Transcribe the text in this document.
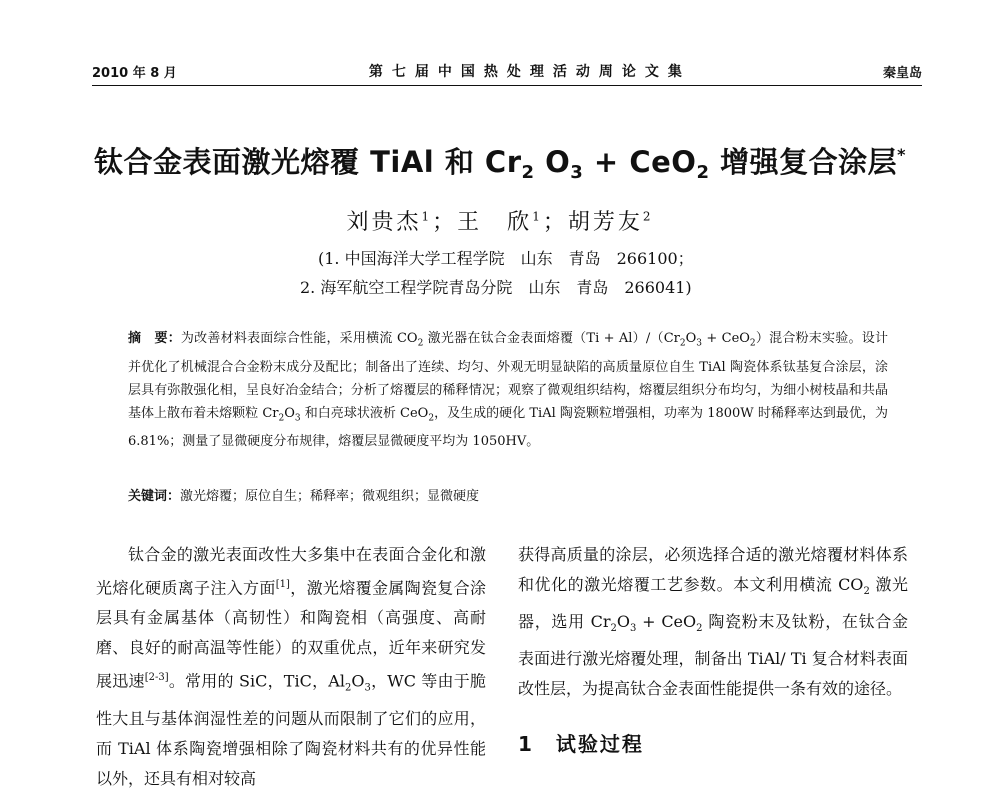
2010 年 8 月	第七届中国热处理活动周论文集	秦皇岛
钛合金表面激光熔覆 TiAl 和 $Cr_2$ $O_3 + CeO_2$ 增强复合涂层*
刘贵杰$^1$；王　欣$^1$；胡芳友$^2$
(1. 中国海洋大学工程学院　山东　青岛　266100；
2. 海军航空工程学院青岛分院　山东　青岛　266041)
摘　要：为改善材料表面综合性能，采用横流 $CO_2$ 激光器在钛合金表面熔覆$(Ti + Al)/(Cr_2O_3 + CeO_2)$混合粉末实验。设计并优化了机械混合合金粉末成分及配比；制备出了连续、均匀、外观无明显缺陷的高质量原位自生 TiAl 陶瓷体系钛基复合涂层，涂层具有弥散强化相，呈良好冶金结合；分析了熔覆层的稀释情况；观察了微观组织结构，熔覆层组织分布均匀，为细小树枝晶和共晶基体上散布着未熔颗粒 $Cr_2O_3$ 和白亮球状液析 CeO$_2$，及生成的硬化 TiAl 陶瓷颗粒增强相，功率为 1800W 时稀释率达到最优，为 6.81%；测量了显微硬度分布规律，熔覆层显微硬度平均为 1050HV。
关键词：激光熔覆；原位自生；稀释率；微观组织；显微硬度
钛合金的激光表面改性大多集中在表面合金化和激光熔化硬质离子注入方面[1]，激光熔覆金属陶瓷复合涂层具有金属基体（高韧性）和陶瓷相（高强度、高耐磨、良好的耐高温等性能）的双重优点，近年来研究发展迅速[2-3]。常用的 SiC，TiC，$Al_2O_3$，WC 等由于脆性大且与基体润湿性差的问题从而限制了它们的应用，而 TiAl 体系陶瓷增强相除了陶瓷材料共有的优异性能以外，还具有相对较高
获得高质量的涂层，必须选择合适的激光熔覆材料体系和优化的激光熔覆工艺参数。本文利用横流 $CO_2$ 激光器，选用 $Cr_2O_3 + CeO_2$ 陶瓷粉末及钛粉，在钛合金表面进行激光熔覆处理，制备出 TiAl/ Ti 复合材料表面改性层，为提高钛合金表面性能提供一条有效的途径。
1 试验过程
